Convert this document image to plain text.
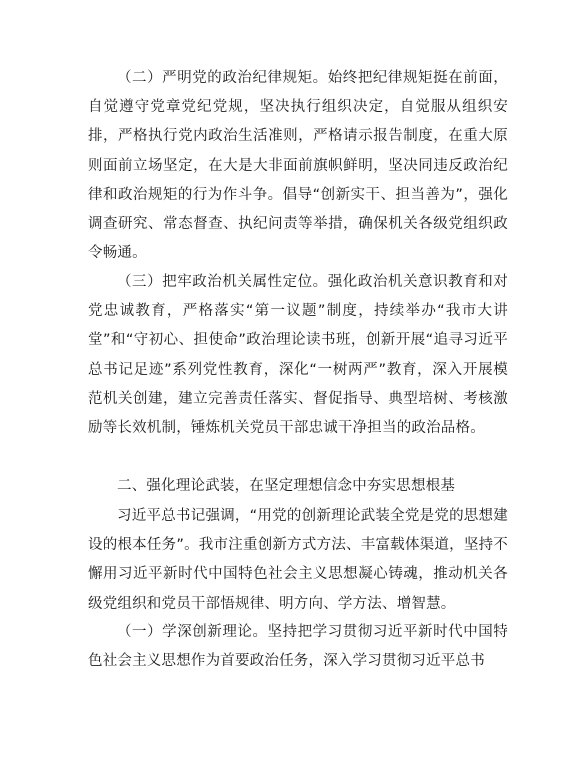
（二）严明党的政治纪律规矩。始终把纪律规矩挺在前面，自觉遵守党章党纪党规，坚决执行组织决定，自觉服从组织安排，严格执行党内政治生活准则，严格请示报告制度，在重大原则面前立场坚定，在大是大非面前旗帜鲜明，坚决同违反政治纪律和政治规矩的行为作斗争。倡导“创新实干、担当善为”，强化调查研究、常态督查、执纪问责等举措，确保机关各级党组织政令畅通。

（三）把牢政治机关属性定位。强化政治机关意识教育和对党忠诚教育，严格落实“第一议题”制度，持续举办“我市大讲堂”和“守初心、担使命”政治理论读书班，创新开展“追寻习近平总书记足迹”系列党性教育，深化“一树两严”教育，深入开展模范机关创建，建立完善责任落实、督促指导、典型培树、考核激励等长效机制，锤炼机关党员干部忠诚干净担当的政治品格。

二、强化理论武装，在坚定理想信念中夯实思想根基

习近平总书记强调，“用党的创新理论武装全党是党的思想建设的根本任务”。我市注重创新方式方法、丰富载体渠道，坚持不懈用习近平新时代中国特色社会主义思想凝心铸魂，推动机关各级党组织和党员干部悟规律、明方向、学方法、增智慧。

（一）学深创新理论。坚持把学习贯彻习近平新时代中国特色社会主义思想作为首要政治任务，深入学习贯彻习近平总书
